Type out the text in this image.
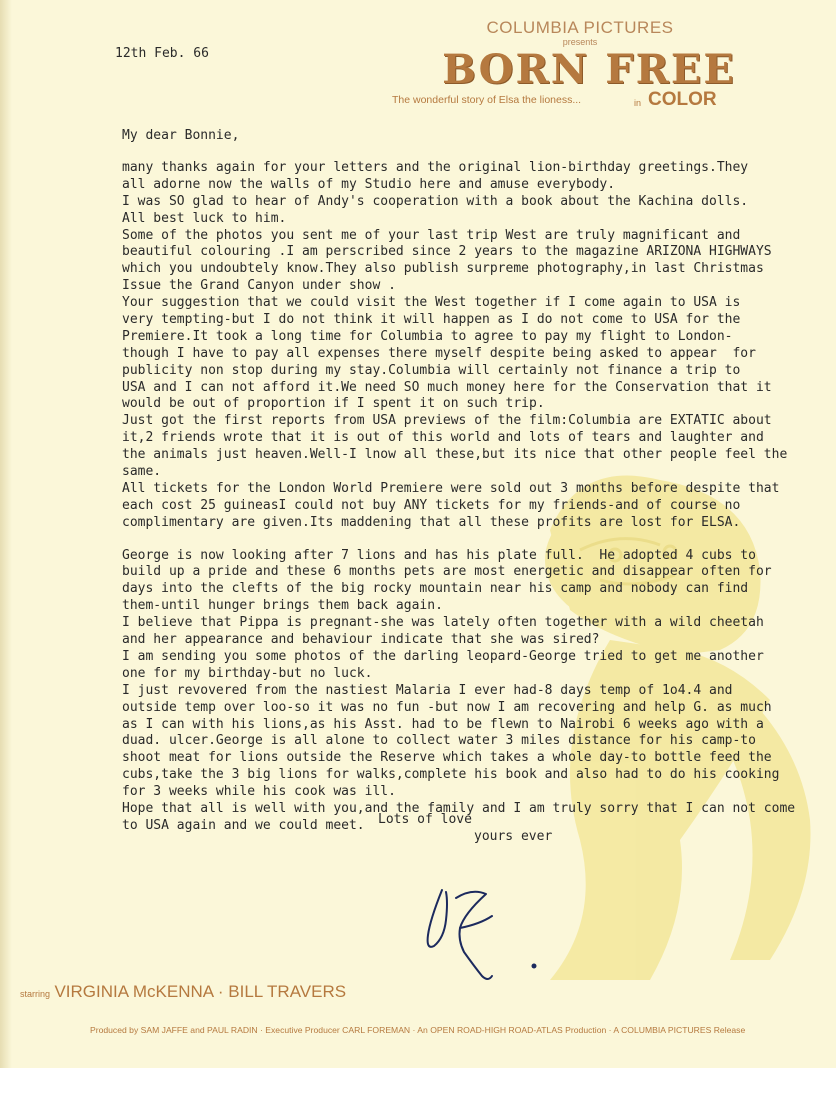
COLUMBIA PICTURES
presents
BORN FREE
The wonderful story of Elsa the lioness...	in COLOR
12th Feb. 66
My dear Bonnie,
many thanks again for your letters and the original lion-birthday greetings.They
all adorne now the walls of my Studio here and amuse everybody.
I was SO glad to hear of Andy's cooperation with a book about the Kachina dolls.
All best luck to him.
Some of the photos you sent me of your last trip West are truly magnificant and
beautiful colouring .I am perscribed since 2 years to the magazine ARIZONA HIGHWAYS
which you undoubtely know.They also publish surpreme photography,in last Christmas
Issue the Grand Canyon under show .
Your suggestion that we could visit the West together if I come again to USA is
very tempting-but I do not think it will happen as I do not come to USA for the
Premiere.It took a long time for Columbia to agree to pay my flight to London-
though I have to pay all expenses there myself despite being asked to appear  for
publicity non stop during my stay.Columbia will certainly not finance a trip to
USA and I can not afford it.We need SO much money here for the Conservation that it
would be out of proportion if I spent it on such trip.
Just got the first reports from USA previews of the film:Columbia are EXTATIC about
it,2 friends wrote that it is out of this world and lots of tears and laughter and
the animals just heaven.Well-I lnow all these,but its nice that other people feel the
same.
All tickets for the London World Premiere were sold out 3 months before despite that
each cost 25 guineasI could not buy ANY tickets for my friends-and of course no
complimentary are given.Its maddening that all these profits are lost for ELSA.
George is now looking after 7 lions and has his plate full.  He adopted 4 cubs to
build up a pride and these 6 months pets are most energetic and disappear often for
days into the clefts of the big rocky mountain near his camp and nobody can find
them-until hunger brings them back again.
I believe that Pippa is pregnant-she was lately often together with a wild cheetah
and her appearance and behaviour indicate that she was sired?
I am sending you some photos of the darling leopard-George tried to get me another
one for my birthday-but no luck.
I just revovered from the nastiest Malaria I ever had-8 days temp of 1o4.4 and
outside temp over loo-so it was no fun -but now I am recovering and help G. as much
as I can with his lions,as his Asst. had to be flewn to Nairobi 6 weeks ago with a
duad. ulcer.George is all alone to collect water 3 miles distance for his camp-to
shoot meat for lions outside the Reserve which takes a whole day-to bottle feed the
cubs,take the 3 big lions for walks,complete his book and also had to do his cooking
for 3 weeks while his cook was ill.
Hope that all is well with you,and the family and I am truly sorry that I can not come
to USA again and we could meet.	Lots of love
yours ever
starring VIRGINIA McKENNA · BILL TRAVERS
Produced by SAM JAFFE and PAUL RADIN · Executive Producer CARL FOREMAN · An OPEN ROAD-HIGH ROAD-ATLAS Production · A COLUMBIA PICTURES Release
